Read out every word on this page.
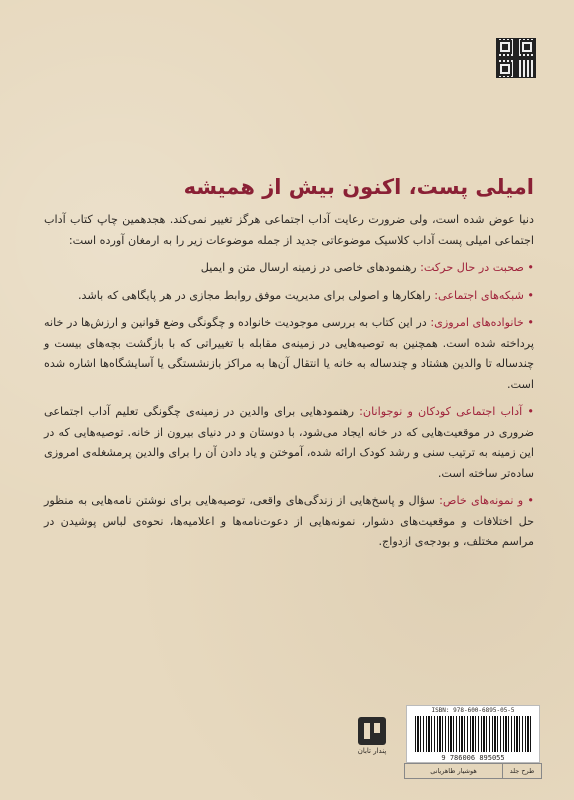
امیلی پست، اکنون بیش از همیشه

دنیا عوض شده است، ولی ضرورت رعایت آداب اجتماعی هرگز تغییر نمی‌کند. هجدهمین چاپ کتاب آداب اجتماعی امیلی پست آداب کلاسیک موضوعاتی جدید از جمله موضوعات زیر را به ارمغان آورده است:

• صحبت در حال حرکت: رهنمودهای خاصی در زمینه ارسال متن و ایمیل

• شبکه‌های اجتماعی: راهکارها و اصولی برای مدیریت موفق روابط مجازی در هر پایگاهی که باشد.

• خانواده‌های امروزی: در این کتاب به بررسی موجودیت خانواده و چگونگی وضع قوانین و ارزش‌ها در خانه پرداخته شده است. همچنین به توصیه‌هایی در زمینه‌ی مقابله با تغییراتی که با بازگشت بچه‌های بیست و چندساله تا والدین هشتاد و چندساله به خانه یا انتقال آن‌ها به مراکز بازنشستگی یا آسایشگاه‌ها اشاره شده است.

• آداب اجتماعی کودکان و نوجوانان: رهنمودهایی برای والدین در زمینه‌ی چگونگی تعلیم آداب اجتماعی ضروری در موقعیت‌هایی که در خانه ایجاد می‌شود، با دوستان و در دنیای بیرون از خانه. توصیه‌هایی که در این زمینه به ترتیب سنی و رشد کودک ارائه شده، آموختن و یاد دادن آن را برای والدین پرمشغله‌ی امروزی ساده‌تر ساخته است.

• و نمونه‌های خاص: سؤال و پاسخ‌هایی از زندگی‌های واقعی، توصیه‌هایی برای نوشتن نامه‌هایی به منظور حل اختلافات و موقعیت‌های دشوار، نمونه‌هایی از دعوت‌نامه‌ها و اعلامیه‌ها، نحوه‌ی لباس پوشیدن در مراسم مختلف، و بودجه‌ی ازدواج.

پندار تابان
ISBN: 978-600-6895-05-5
9 786006 895055
طرح جلد
هوشیار ظاهریانی
